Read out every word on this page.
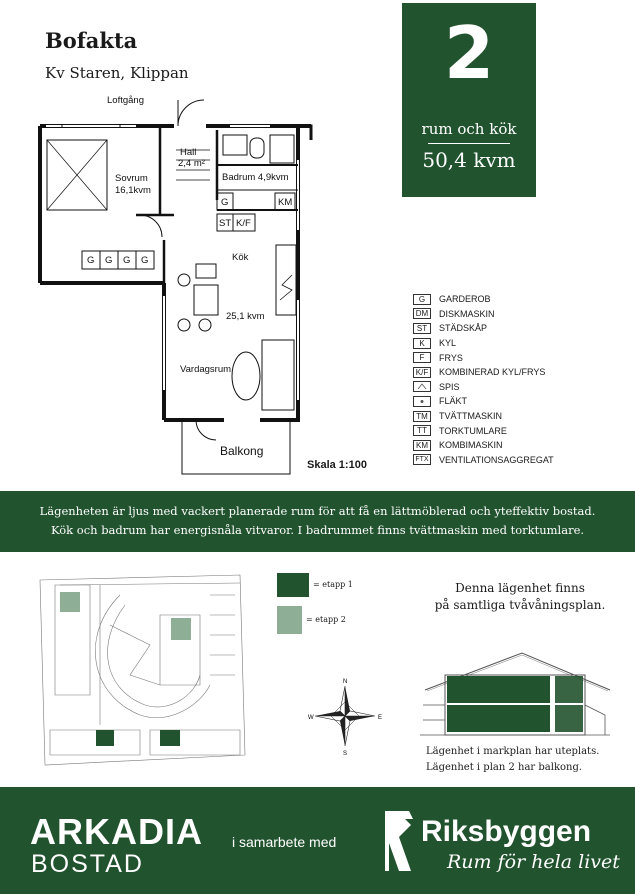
Bofakta
Kv Staren, Klippan	2
rum och kök
50,4 kvm
Loftgång
Hall
2,4 m²
Badrum 4,9kvm
Sovrum
16,1kvm
G	KM
ST K/F
G G G G	Kök
25,1 kvm
Vardagsrum
Balkong
Skala 1:100
G	GARDEROB
DM	DISKMASKIN
ST	STÄDSKÅP
K	KYL
F	FRYS
K/F	KOMBINERAD KYL/FRYS
SPIS
FLÄKT
TM	TVÄTTMASKIN
TT	TORKTUMLARE
KM	KOMBIMASKIN
FTX VENTILATIONSAGGREGAT
Lägenheten är ljus med vackert planerade rum för att få en lättmöblerad och yteffektiv bostad.
Kök och badrum har energisnåla vitvaror. I badrummet finns tvättmaskin med torktumlare.
N
S
E
W
= etapp 1
= etapp 2
Denna lägenhet finns
på samtliga tvåvåningsplan.
Lägenhet i markplan har uteplats.
Lägenhet i plan 2 har balkong.
ARKADIA
BOSTAD
i samarbete med	Riksbyggen
Rum för hela livet
